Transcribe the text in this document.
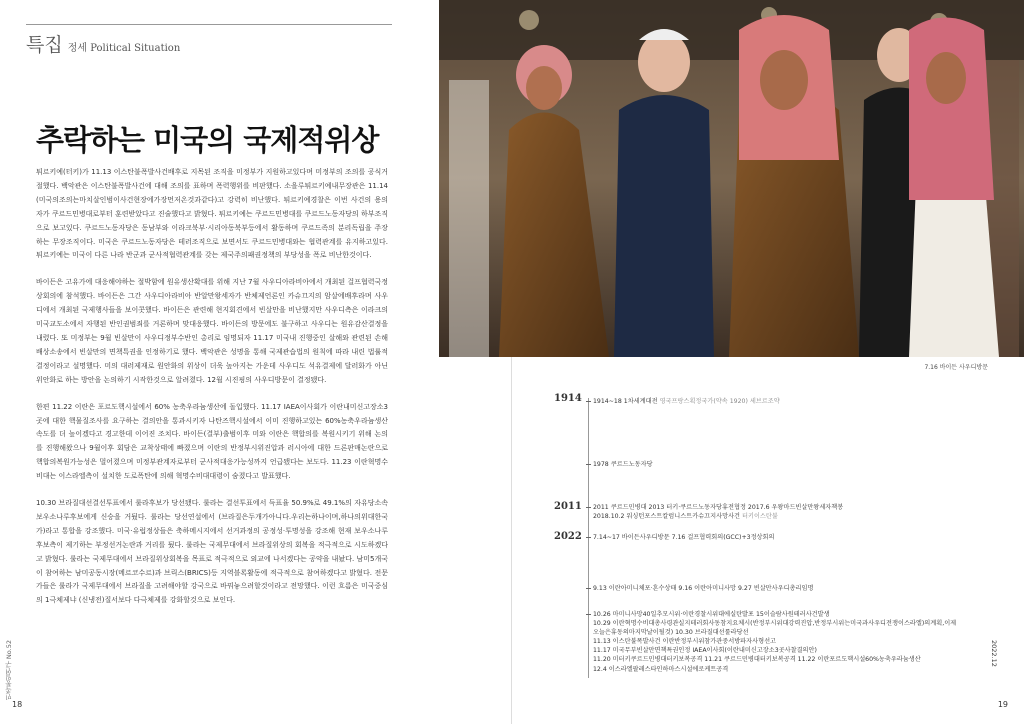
특집 정세 Political Situation
추락하는 미국의 국제적위상

튀르키예(터키)가 11.13 이스탄불폭발사건배후로 지목된 조직을 미정부가 지원하고있다며 미정부의 조의를 공식거절했다. 백악관은 이스탄불폭발사건에 대해 조의를 표하며 폭력행위를 비판했다. 소을루튀르키예내무장관은 11.14 (미국의조의는마치살인범이사건현장에가장먼저온것과같다)고 강력히 비난했다. 튀르키예경찰은 이번 사건의 용의자가 쿠르드민병대로부터 훈련받았다고 진술했다고 밝혔다. 튀르키예는 쿠르드민병대를 쿠르드노동자당의 하부조직으로 보고있다. 쿠르드노동자당은 동남부와 이라크북부·시리아동북부등에서 활동하며 쿠르드족의 분리독립을 주장하는 무장조직이다. 미국은 쿠르드노동자당은 테러조직으로 보면서도 쿠르드민병대와는 협력관계를 유지하고있다. 튀르키예는 미국이 다른 나라 반군과 군사적협력관계를 갖는 제국주의패권정책의 부당성을 폭로 비난한것이다.

바이든은 고유가에 대응해야하는 절박함에 원유생산확대를 위해 지난 7월 사우디아라비아에서 개최된 걸프협력국정상회의에 참석했다. 바이든은 그간 사우디아라비아 반알만왕세자가 반체제언론인 카슈끄지의 암살에배후라며 사우디에서 개최된 국제행사들을 보이콧했다. 바이든은 관련해 현지회견에서 빈살만을 비난했지만 사우디측은 이라크의 미국교도소에서 자행된 반인권범죄를 거론하며 맞대응했다. 바이든의 방문에도 불구하고 사우디는 원유감산결정을 내렸다. 또 미정부는 9월 빈살만이 사우디정부수반인 총리로 임명되자 11.17 미국내 진행중인 살해와 관련된 손해배상소송에서 빈살만의 면책특권을 인정하기로 했다. 백악관은 성명을 통해 국제관습법의 원칙에 따라 내린 법률적결정이라고 설명했다. 미의 대러제재로 원안화의 위상이 더욱 높아지는 가운데 사우디도 석유결제에 달러화가 아닌 위안화로 하는 방안을 논의하기 시작한것으로 알려졌다. 12월 시진핑의 사우디방문이 결정됐다.

한편 11.22 이란은 포르도핵시설에서 60% 농축우라늄생산에 돌입했다. 11.17 IAEA이사회가 이란내미신고장소3곳에 대한 핵물질조사를 요구하는 결의안을 통과시키자 나탄즈핵시설에서 이미 진행하고있는 60%농축우라늄생산속도를 더 높이겠다고 경고한데 이어진 조치다. 바이든(결부)출범이후 미와 이란은 핵합의를 복원시키기 위해 논의를 진행해왔으나 9월이후 회담은 교착상태에 빠졌으며 이란의 반정부시위진압과 러시아에 대한 드론판매논란으로 핵합의복원가능성은 멀어졌으며 미정부관계자로부터 군사적대응가능성까지 언급됐다는 보도다. 11.23 이란혁명수비대는 이스라엘측이 설치한 도로폭탄에 의해 혁명수비대대령이 숨졌다고 발표했다.

10.30 브라질대선결선투표에서 룰라후보가 당선됐다. 룰라는 결선투표에서 득표율 50.9%로 49.1%의 자유당소속 보우소나루후보에게 신승을 거뒀다. 룰라는 당선연설에서 (브라질은두개가아니다.우리는하나이며,하나의위대한국가)라고 통합을 강조했다. 미국·유럽정상들은 축하메시지에서 선거과정의 공정성·투명성을 강조해 현재 보우소나루후보측이 제기하는 부정선거논란과 거리를 뒀다. 룰라는 국제무대에서 브라질위상의 회복을 적극적으로 시도하겠다고 밝혔다. 룰라는 국제무대에서 브라질위상회복을 목표로 적극적으로 외교에 나서겠다는 공약을 내놨다. 남미5개국이 참여하는 남미공동시장(메르코수르)과 브릭스(BRICS)등 지역블록활동에 적극적으로 참여하겠다고 밝혔다. 전문가들은 룰라가 국제무대에서 브라질을 고려해야할 강국으로 바꿔놓으려할것이라고 전망했다. 이런 흐름은 미국중심의 1극체제냐 (신냉전)질서보다 다극체제를 강화할것으로 보인다.

민족통일연구 No.52
18
7.16 바이든 사우디방문
1914
2011
2022
1914~18 1차세계대전 영국프랑스획정국가(약속 1920) 세브르조약
1978 쿠르드노동자당
2011 쿠르드민병대 2013 터키·쿠르드노동자당휴전협정 2017.6 우왕마드빈살만왕세자책봉
2018.10.2 워싱턴포스트칼럼니스트카슈끄지사망사건 터키이스탄불
7.14~17 바이든사우디방문 7.16 걸프협력회의(GCC)+3정상회의
9.13 이란아미니체포·혼수상태 9.16 이란아미니사망 9.27 빈살만사우디총리임명
10.26 마미니사망40일추모시위·이란경찰시위대에실탄발포 15이슬람사원테러사건발생
10.29 이란혁명수비대총사령관실지테러회사동참지요체시(반정부시위대강력진압,반정부시위는미국과사우디전쟁이스라엘)의계획,이제
오늘은휴동의마지막날이될것) 10.30 브라질대선룰라당선
11.13 이스탄불폭발사건 이란반정부시위참가관중서방파자사형선고
11.17 미국무부빈살만면책특권인정 IAEA이사회(이란내미신고장소3곳사찰결의안)
11.20 미터키쿠르드민병대터키보복공격 11.21 쿠르드민병대터키보복공격 11.22 이란포르도핵시설60%농축우라늄생산
12.4 이스라엘팔레스타인하마스시설에로케트공격
2022.12
19
